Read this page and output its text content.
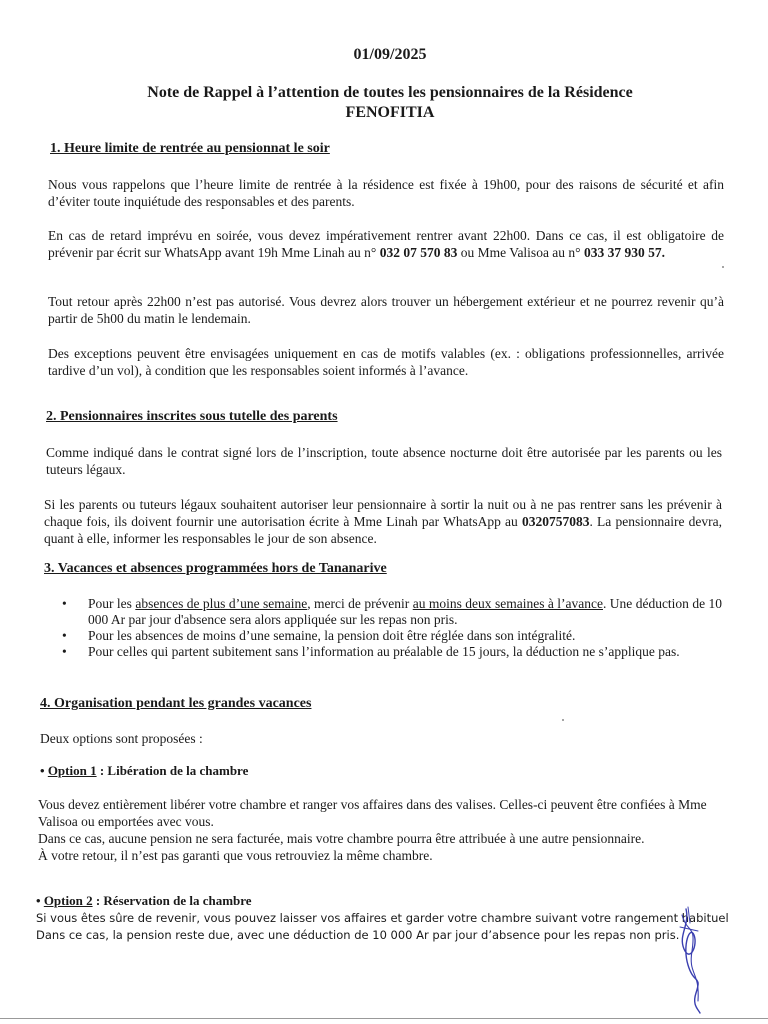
01/09/2025
Note de Rappel à l’attention de toutes les pensionnaires de la Résidence
FENOFITIA
1. Heure limite de rentrée au pensionnat le soir
Nous vous rappelons que l’heure limite de rentrée à la résidence est fixée à 19h00, pour des raisons de sécurité et afin d’éviter toute inquiétude des responsables et des parents.
En cas de retard imprévu en soirée, vous devez impérativement rentrer avant 22h00. Dans ce cas, il est obligatoire de prévenir par écrit sur WhatsApp avant 19h Mme Linah au n° 032 07 570 83 ou Mme Valisoa au n° 033 37 930 57.
Tout retour après 22h00 n’est pas autorisé. Vous devrez alors trouver un hébergement extérieur et ne pourrez revenir qu’à partir de 5h00 du matin le lendemain.
Des exceptions peuvent être envisagées uniquement en cas de motifs valables (ex. : obligations professionnelles, arrivée tardive d’un vol), à condition que les responsables soient informés à l’avance.
2. Pensionnaires inscrites sous tutelle des parents
Comme indiqué dans le contrat signé lors de l’inscription, toute absence nocturne doit être autorisée par les parents ou les tuteurs légaux.
Si les parents ou tuteurs légaux souhaitent autoriser leur pensionnaire à sortir la nuit ou à ne pas rentrer sans les prévenir à chaque fois, ils doivent fournir une autorisation écrite à Mme Linah par WhatsApp au 0320757083. La pensionnaire devra, quant à elle, informer les responsables le jour de son absence.
3. Vacances et absences programmées hors de Tananarive
• Pour les absences de plus d’une semaine, merci de prévenir au moins deux semaines à l’avance. Une déduction de 10 000 Ar par jour d'absence sera alors appliquée sur les repas non pris.
• Pour les absences de moins d’une semaine, la pension doit être réglée dans son intégralité.
• Pour celles qui partent subitement sans l’information au préalable de 15 jours, la déduction ne s’applique pas.
4. Organisation pendant les grandes vacances
Deux options sont proposées :
• Option 1 : Libération de la chambre
Vous devez entièrement libérer votre chambre et ranger vos affaires dans des valises. Celles-ci peuvent être confiées à Mme Valisoa ou emportées avec vous.
Dans ce cas, aucune pension ne sera facturée, mais votre chambre pourra être attribuée à une autre pensionnaire.
À votre retour, il n’est pas garanti que vous retrouviez la même chambre.
• Option 2 : Réservation de la chambre
Si vous êtes sûre de revenir, vous pouvez laisser vos affaires et garder votre chambre suivant votre rangement habituel
Dans ce cas, la pension reste due, avec une déduction de 10 000 Ar par jour d’absence pour les repas non pris.
